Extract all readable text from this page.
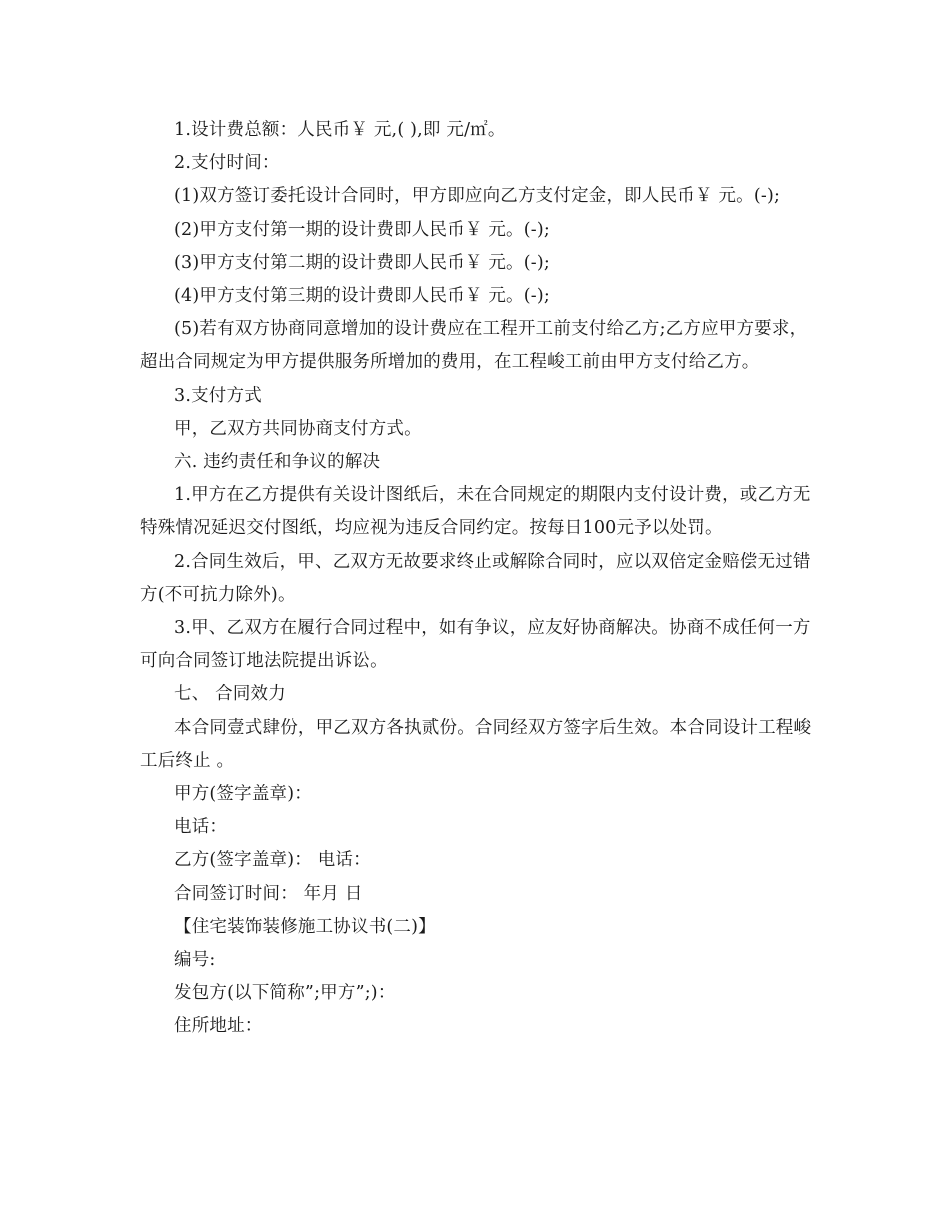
1.设计费总额：人民币￥ 元,( ),即 元/㎡。

2.支付时间：

(1)双方签订委托设计合同时，甲方即应向乙方支付定金，即人民币￥ 元。(-);

(2)甲方支付第一期的设计费即人民币￥ 元。(-);

(3)甲方支付第二期的设计费即人民币￥ 元。(-);

(4)甲方支付第三期的设计费即人民币￥ 元。(-);

(5)若有双方协商同意增加的设计费应在工程开工前支付给乙方;乙方应甲方要求，超出合同规定为甲方提供服务所增加的费用，在工程峻工前由甲方支付给乙方。

3.支付方式

甲，乙双方共同协商支付方式。

六. 违约责任和争议的解决

1.甲方在乙方提供有关设计图纸后，未在合同规定的期限内支付设计费，或乙方无特殊情况延迟交付图纸，均应视为违反合同约定。按每日100元予以处罚。

2.合同生效后，甲、乙双方无故要求终止或解除合同时，应以双倍定金赔偿无过错方(不可抗力除外)。

3.甲、乙双方在履行合同过程中，如有争议，应友好协商解决。协商不成任何一方可向合同签订地法院提出诉讼。

七、 合同效力

本合同壹式肆份，甲乙双方各执贰份。合同经双方签字后生效。本合同设计工程峻工后终止 。

甲方(签字盖章)：

电话：

乙方(签字盖章)： 电话：

合同签订时间： 年月 日

【住宅装饰装修施工协议书(二)】

编号:

发包方(以下简称”;甲方”;)：

住所地址：
